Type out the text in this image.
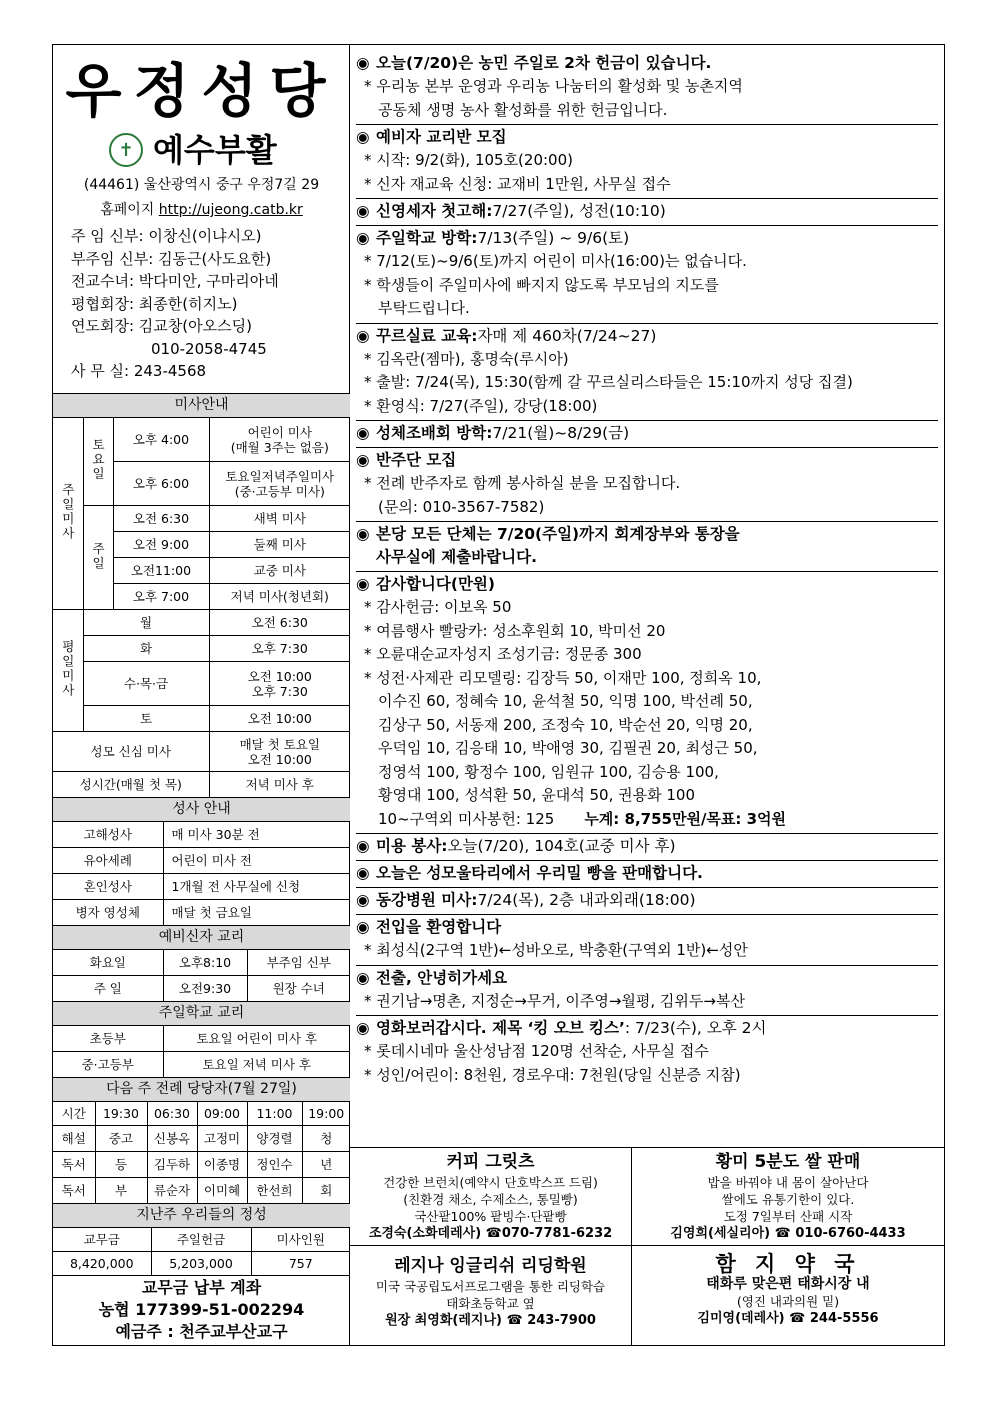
우정성당
✝ 예수부활
(44461) 울산광역시 중구 우정7길 29
홈페이지 http://ujeong.catb.kr
주 임 신부: 이창신(이냐시오)
부주임 신부: 김동근(사도요한)
전교수녀: 박다미안, 구마리아네
평협회장: 최종한(히지노)
연도회장: 김교창(아오스딩)
010-2058-4745
사 무 실: 243-4568
미사안내			
주일미사	토요일	오후 4:00	어린이 미사
(매월 3주는 없음)

		오후 6:00	토요일저녁주일미사
(중·고등부 미사)

	주일	오전 6:30	새벽 미사
		오전 9:00	둘째 미사
		오전11:00	교중 미사
		오후 7:00	저녁 미사(청년회)
평일미사	월		오전 6:30
	화		오후 7:30
	수·목·금		오전 10:00
오후 7:30

	토		오전 10:00
성모 신심 미사			매달 첫 토요일
오전 10:00

성시간(매월 첫 목)			저녁 미사 후
성사 안내	
고해성사	매 미사 30분 전
유아세례	어린이 미사 전
혼인성사	1개월 전 사무실에 신청
병자 영성체	매달 첫 금요일
예비신자 교리		
화요일	오후8:10	부주임 신부
주 일	오전9:30	원장 수녀
주일학교 교리	
초등부	토요일 어린이 미사 후
중·고등부	토요일 저녁 미사 후
다음 주 전례 당당자(7월 27일)					
시간	19:30	06:30	09:00	11:00	19:00
해설	중고	신봉옥	고정미	양경렬	청
독서	등	김두하	이종명	정인수	년
독서	부	류순자	이미혜	한선희	회
지난주 우리들의 정성		
교무금	주일헌금	미사인원
8,420,000	5,203,000	757
교무금 납부 계좌
농협 177399-51-002294
예금주 : 천주교부산교구
◉ 오늘(7/20)은 농민 주일로 2차 헌금이 있습니다.
* 우리농 본부 운영과 우리농 나눔터의 활성화 및 농촌지역
공동체 생명 농사 활성화를 위한 헌금입니다.
◉ 예비자 교리반 모집
* 시작: 9/2(화), 105호(20:00)
* 신자 재교육 신청: 교재비 1만원, 사무실 접수
◉ 신영세자 첫고해:7/27(주일), 성전(10:10)
◉ 주일학교 방학:7/13(주일) ~ 9/6(토)
* 7/12(토)~9/6(토)까지 어린이 미사(16:00)는 없습니다.
* 학생들이 주일미사에 빠지지 않도록 부모님의 지도를
부탁드립니다.
◉ 꾸르실료 교육:자매 제 460차(7/24~27)
* 김옥란(젬마), 홍명숙(루시아)
* 출발: 7/24(목), 15:30(함께 갈 꾸르실리스타들은 15:10까지 성당 집결)
* 환영식: 7/27(주일), 강당(18:00)
◉ 성체조배회 방학:7/21(월)~8/29(금)
◉ 반주단 모집
* 전례 반주자로 함께 봉사하실 분을 모집합니다.
(문의: 010-3567-7582)
◉ 본당 모든 단체는 7/20(주일)까지 회계장부와 통장을
사무실에 제출바랍니다.
◉ 감사합니다(만원)
* 감사헌금: 이보옥 50
* 여름행사 빨랑카: 성소후원회 10, 박미선 20
* 오륜대순교자성지 조성기금: 정문종 300
* 성전·사제관 리모델링: 김장득 50, 이재만 100, 정희옥 10,
이수진 60, 정혜숙 10, 윤석철 50, 익명 100, 박선례 50,
김상구 50, 서동재 200, 조정숙 10, 박순선 20, 익명 20,
우덕임 10, 김응태 10, 박애영 30, 김필권 20, 최성근 50,
정영석 100, 황정수 100, 임원규 100, 김승용 100,
황영대 100, 성석환 50, 윤대석 50, 권용화 100
10~구역외 미사봉헌: 125 누계: 8,755만원/목표: 3억원
◉ 미용 봉사:오늘(7/20), 104호(교중 미사 후)
◉ 오늘은 성모울타리에서 우리밀 빵을 판매합니다.
◉ 동강병원 미사:7/24(목), 2층 내과외래(18:00)
◉ 전입을 환영합니다
* 최성식(2구역 1반)←성바오로, 박충환(구역외 1반)←성안
◉ 전출, 안녕히가세요
* 권기남→명촌, 지정순→무거, 이주영→월평, 김위두→복산
◉ 영화보러갑시다. 제목 ‘킹 오브 킹스’: 7/23(수), 오후 2시
* 롯데시네마 울산성남점 120명 선착순, 사무실 접수
* 성인/어린이: 8천원, 경로우대: 7천원(당일 신분증 지참)
커피 그릿츠
건강한 브런치(예약시 단호박스프 드림)
(친환경 채소, 수제소스, 통밀빵)
국산팥100% 팥빙수·단팥빵
조경숙(소화데레사) ☎070-7781-6232
황미 5분도 쌀 판매
밥을 바꿔야 내 몸이 살아난다
쌀에도 유통기한이 있다.
도정 7일부터 산패 시작
김영희(세실리아) ☎ 010-6760-4433
레지나 잉글리쉬 리딩학원
미국 국공립도서프로그램을 통한 리딩학습
태화초등학교 옆
원장 최영화(레지나) ☎ 243-7900
함 지 약 국
태화루 맞은편 태화시장 내
(영진 내과의원 밑)
김미영(데레사) ☎ 244-5556
